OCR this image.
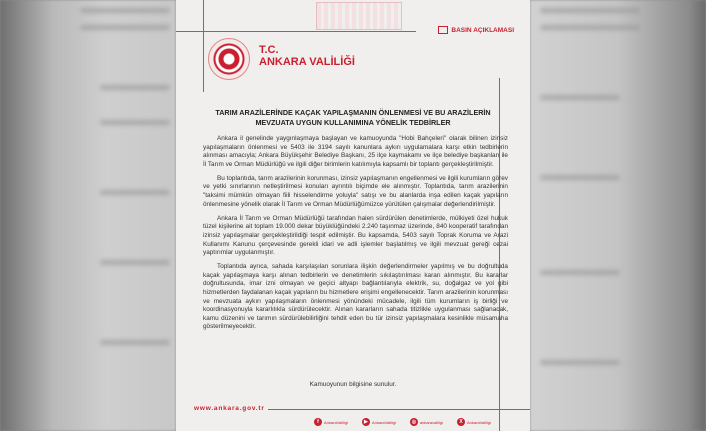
BASIN AÇIKLAMASI
T.C.
ANKARA VALİLİĞİ
TARIM ARAZİLERİNDE KAÇAK YAPILAŞMANIN ÖNLENMESİ VE BU ARAZİLERİN MEVZUATA UYGUN KULLANIMINA YÖNELİK TEDBİRLER

Ankara il genelinde yaygınlaşmaya başlayan ve kamuoyunda "Hobi Bahçeleri" olarak bilinen izinsiz yapılaşmaların önlenmesi ve 5403 ile 3194 sayılı kanunlara aykırı uygulamalara karşı etkin tedbirlerin alınması amacıyla; Ankara Büyükşehir Belediye Başkanı, 25 ilçe kaymakamı ve ilçe belediye başkanları ile İl Tarım ve Orman Müdürlüğü ve ilgili diğer birimlerin katılımıyla kapsamlı bir toplantı gerçekleştirilmiştir.

Bu toplantıda, tarım arazilerinin korunması, izinsiz yapılaşmanın engellenmesi ve ilgili kurumların görev ve yetki sınırlarının netleştirilmesi konuları ayrıntılı biçimde ele alınmıştır. Toplantıda, tarım arazilerinin "taksimi mümkün olmayan fiili hisselendirme yoluyla" satışı ve bu alanlarda inşa edilen kaçak yapıların önlenmesine yönelik olarak İl Tarım ve Orman Müdürlüğümüzce yürütülen çalışmalar değerlendirilmiştir.

Ankara İl Tarım ve Orman Müdürlüğü tarafından halen sürdürülen denetimlerde, mülkiyeti özel hukuk tüzel kişilerine ait toplam 19.000 dekar büyüklüğündeki 2.240 taşınmaz üzerinde, 840 kooperatif tarafından izinsiz yapılaşmalar gerçekleştirildiği tespit edilmiştir. Bu kapsamda, 5403 sayılı Toprak Koruma ve Arazi Kullanımı Kanunu çerçevesinde gerekli idari ve adli işlemler başlatılmış ve ilgili mevzuat gereği cezai yaptırımlar uygulanmıştır.

Toplantıda ayrıca, sahada karşılaşılan sorunlara ilişkin değerlendirmeler yapılmış ve bu doğrultuda kaçak yapılaşmaya karşı alınan tedbirlerin ve denetimlerin sıkılaştırılması kararı alınmıştır. Bu kararlar doğrultusunda, imar izni olmayan ve geçici altyapı bağlantılarıyla elektrik, su, doğalgaz ve yol gibi hizmetlerden faydalanan kaçak yapıların bu hizmetlere erişimi engellenecektir. Tarım arazilerinin korunması ve mevzuata aykırı yapılaşmaların önlenmesi yönündeki mücadele, ilgili tüm kurumların iş birliği ve koordinasyonuyla kararlılıkla sürdürülecektir. Alınan kararların sahada titizlikle uygulanması sağlanacak, kamu düzenini ve tarımın sürdürülebilirliğini tehdit eden bu tür izinsiz yapılaşmalara kesinlikle müsamaha gösterilmeyecektir.

Kamuoyunun bilgisine sunulur.
www.ankara.gov.tr
f	AnkaraValiligi	▶	AnkaraValiligi	◎ ankaravaliligi	X	AnkaraValiligi
